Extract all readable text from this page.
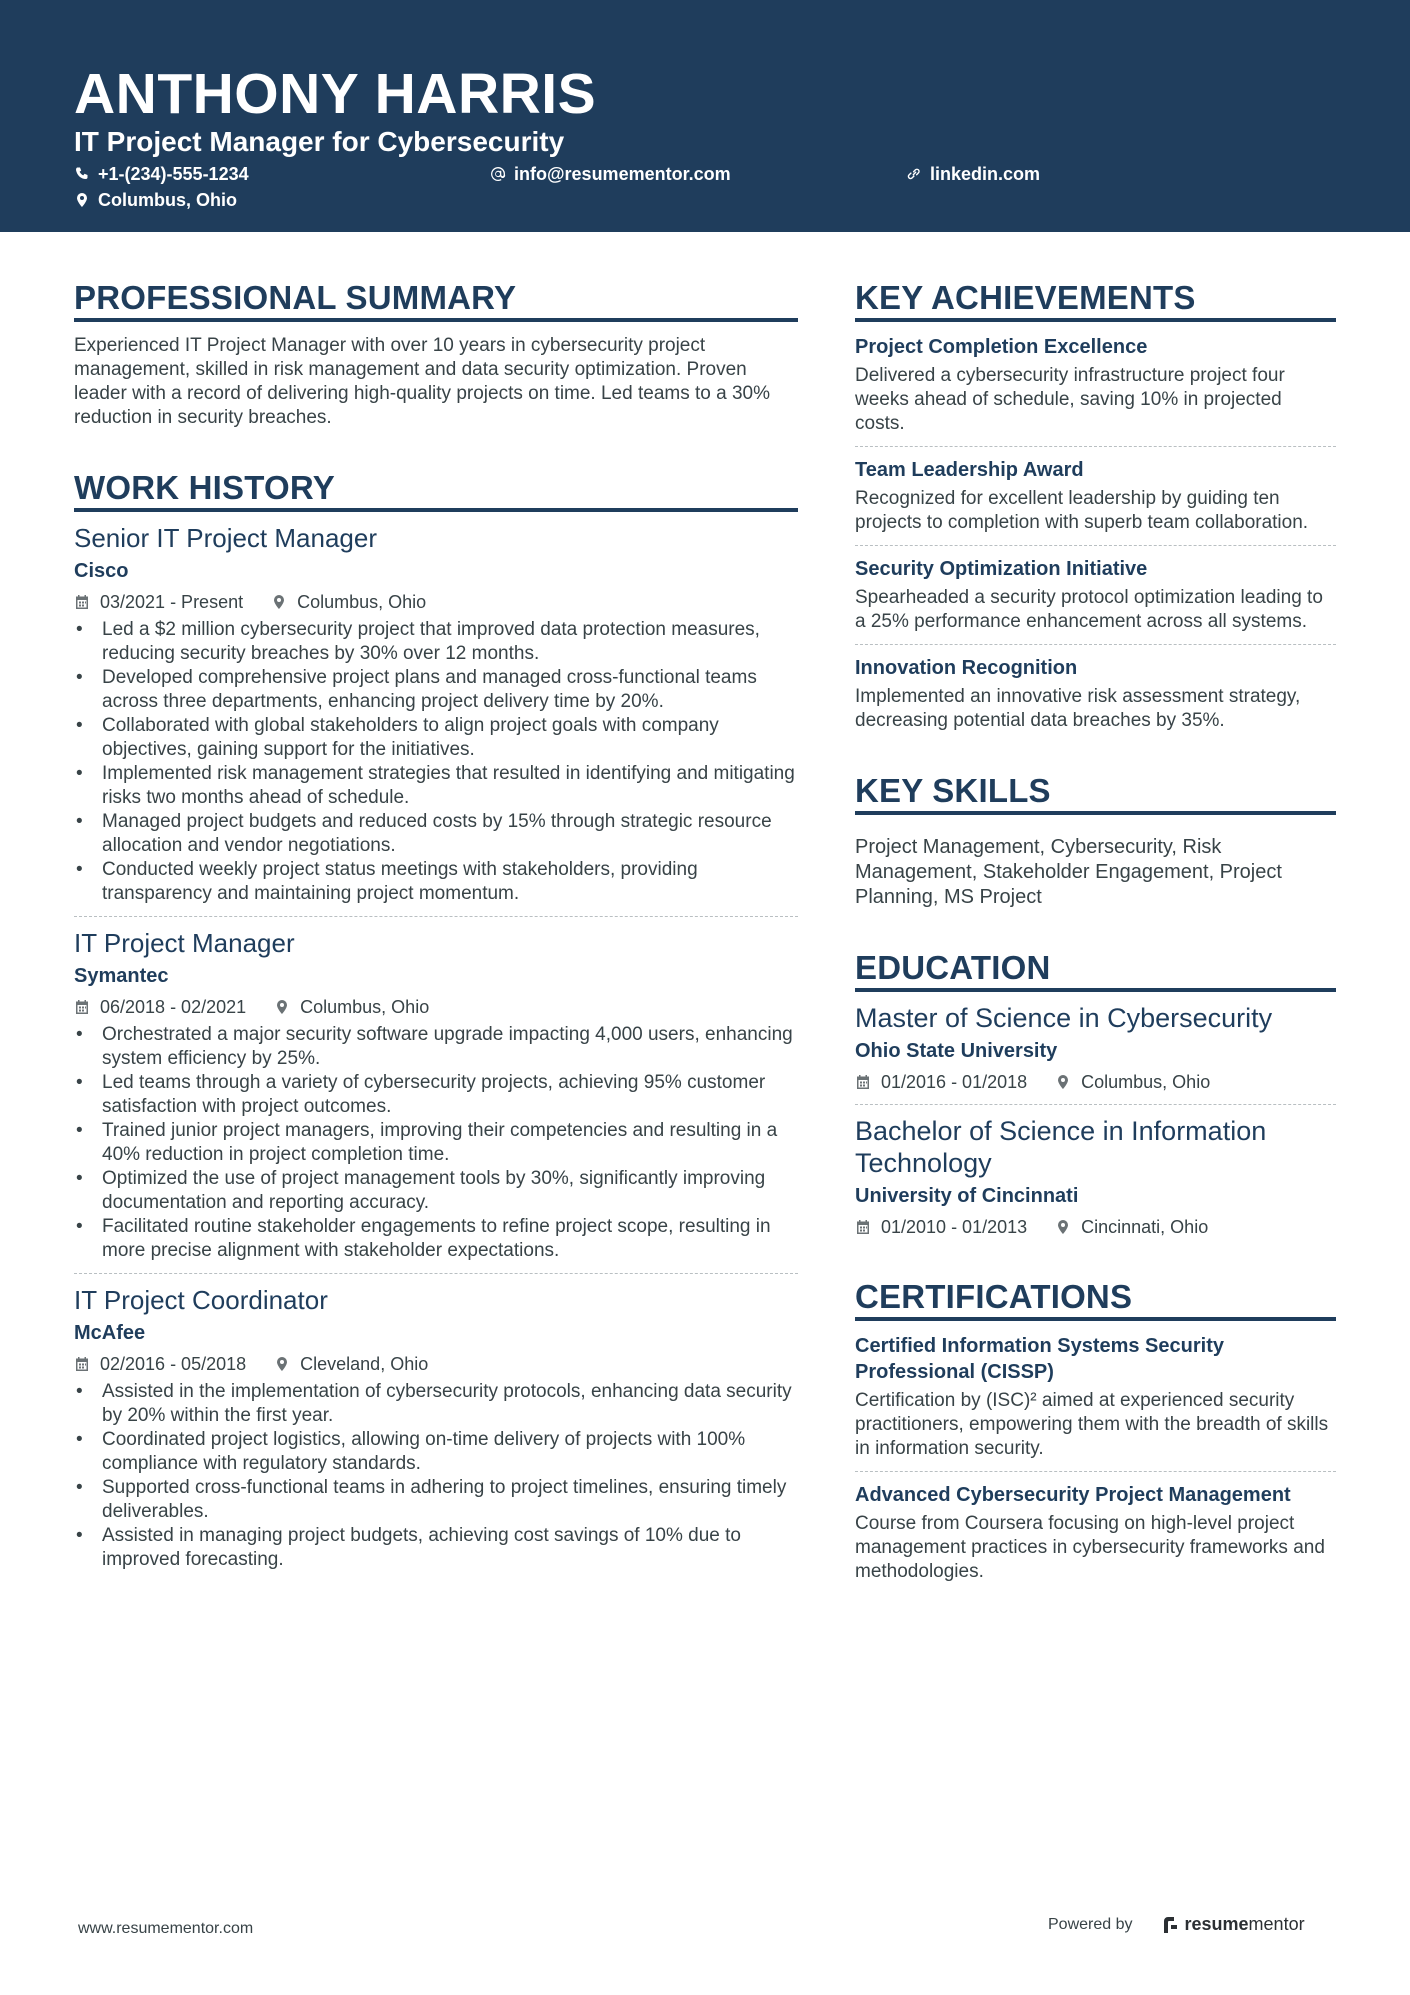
ANTHONY HARRIS
IT Project Manager for Cybersecurity
+1-(234)-555-1234	info@resumementor.com	linkedin.com
Columbus, Ohio
PROFESSIONAL SUMMARY
Experienced IT Project Manager with over 10 years in cybersecurity project management, skilled in risk management and data security optimization. Proven leader with a record of delivering high-quality projects on time. Led teams to a 30% reduction in security breaches.
WORK HISTORY
Senior IT Project Manager
Cisco
03/2021 - Present	Columbus, Ohio
• Led a $2 million cybersecurity project that improved data protection measures, reducing security breaches by 30% over 12 months.
• Developed comprehensive project plans and managed cross-functional teams across three departments, enhancing project delivery time by 20%.
• Collaborated with global stakeholders to align project goals with company objectives, gaining support for the initiatives.
• Implemented risk management strategies that resulted in identifying and mitigating risks two months ahead of schedule.
• Managed project budgets and reduced costs by 15% through strategic resource allocation and vendor negotiations.
• Conducted weekly project status meetings with stakeholders, providing transparency and maintaining project momentum.
IT Project Manager
Symantec
06/2018 - 02/2021	Columbus, Ohio
• Orchestrated a major security software upgrade impacting 4,000 users, enhancing system efficiency by 25%.
• Led teams through a variety of cybersecurity projects, achieving 95% customer satisfaction with project outcomes.
• Trained junior project managers, improving their competencies and resulting in a 40% reduction in project completion time.
• Optimized the use of project management tools by 30%, significantly improving documentation and reporting accuracy.
• Facilitated routine stakeholder engagements to refine project scope, resulting in more precise alignment with stakeholder expectations.
IT Project Coordinator
McAfee
02/2016 - 05/2018	Cleveland, Ohio
• Assisted in the implementation of cybersecurity protocols, enhancing data security by 20% within the first year.
• Coordinated project logistics, allowing on-time delivery of projects with 100% compliance with regulatory standards.
• Supported cross-functional teams in adhering to project timelines, ensuring timely deliverables.
• Assisted in managing project budgets, achieving cost savings of 10% due to improved forecasting.
KEY ACHIEVEMENTS
Project Completion Excellence
Delivered a cybersecurity infrastructure project four weeks ahead of schedule, saving 10% in projected costs.
Team Leadership Award
Recognized for excellent leadership by guiding ten projects to completion with superb team collaboration.
Security Optimization Initiative
Spearheaded a security protocol optimization leading to a 25% performance enhancement across all systems.
Innovation Recognition
Implemented an innovative risk assessment strategy, decreasing potential data breaches by 35%.
KEY SKILLS
Project Management, Cybersecurity, Risk Management, Stakeholder Engagement, Project Planning, MS Project
EDUCATION
Master of Science in Cybersecurity
Ohio State University
01/2016 - 01/2018	Columbus, Ohio
Bachelor of Science in Information Technology
University of Cincinnati
01/2010 - 01/2013	Cincinnati, Ohio
CERTIFICATIONS
Certified Information Systems Security Professional (CISSP)
Certification by (ISC)² aimed at experienced security practitioners, empowering them with the breadth of skills in information security.
Advanced Cybersecurity Project Management
Course from Coursera focusing on high-level project management practices in cybersecurity frameworks and methodologies.
www.resumementor.com	Powered by	resume mentor
